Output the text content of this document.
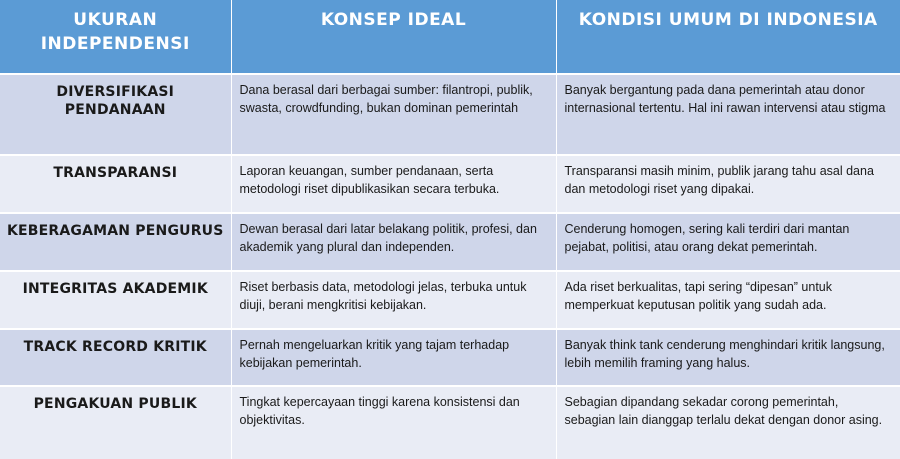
UKURAN INDEPENDENSI	KONSEP IDEAL	KONDISI UMUM DI INDONESIA
DIVERSIFIKASI PENDANAAN	Dana berasal dari berbagai sumber: filantropi, publik, swasta, crowdfunding, bukan dominan pemerintah	Banyak bergantung pada dana pemerintah atau donor internasional tertentu. Hal ini rawan intervensi atau stigma
TRANSPARANSI	Laporan keuangan, sumber pendanaan, serta metodologi riset dipublikasikan secara terbuka.	Transparansi masih minim, publik jarang tahu asal dana dan metodologi riset yang dipakai.
KEBERAGAMAN PENGURUS	Dewan berasal dari latar belakang politik, profesi, dan akademik yang plural dan independen.	Cenderung homogen, sering kali terdiri dari mantan pejabat, politisi, atau orang dekat pemerintah.
INTEGRITAS AKADEMIK	Riset berbasis data, metodologi jelas, terbuka untuk diuji, berani mengkritisi kebijakan.	Ada riset berkualitas, tapi sering “dipesan” untuk memperkuat keputusan politik yang sudah ada.
TRACK RECORD KRITIK	Pernah mengeluarkan kritik yang tajam terhadap kebijakan pemerintah.	Banyak think tank cenderung menghindari kritik langsung, lebih memilih framing yang halus.
PENGAKUAN PUBLIK	Tingkat kepercayaan tinggi karena konsistensi dan objektivitas.	Sebagian dipandang sekadar corong pemerintah, sebagian lain dianggap terlalu dekat dengan donor asing.
